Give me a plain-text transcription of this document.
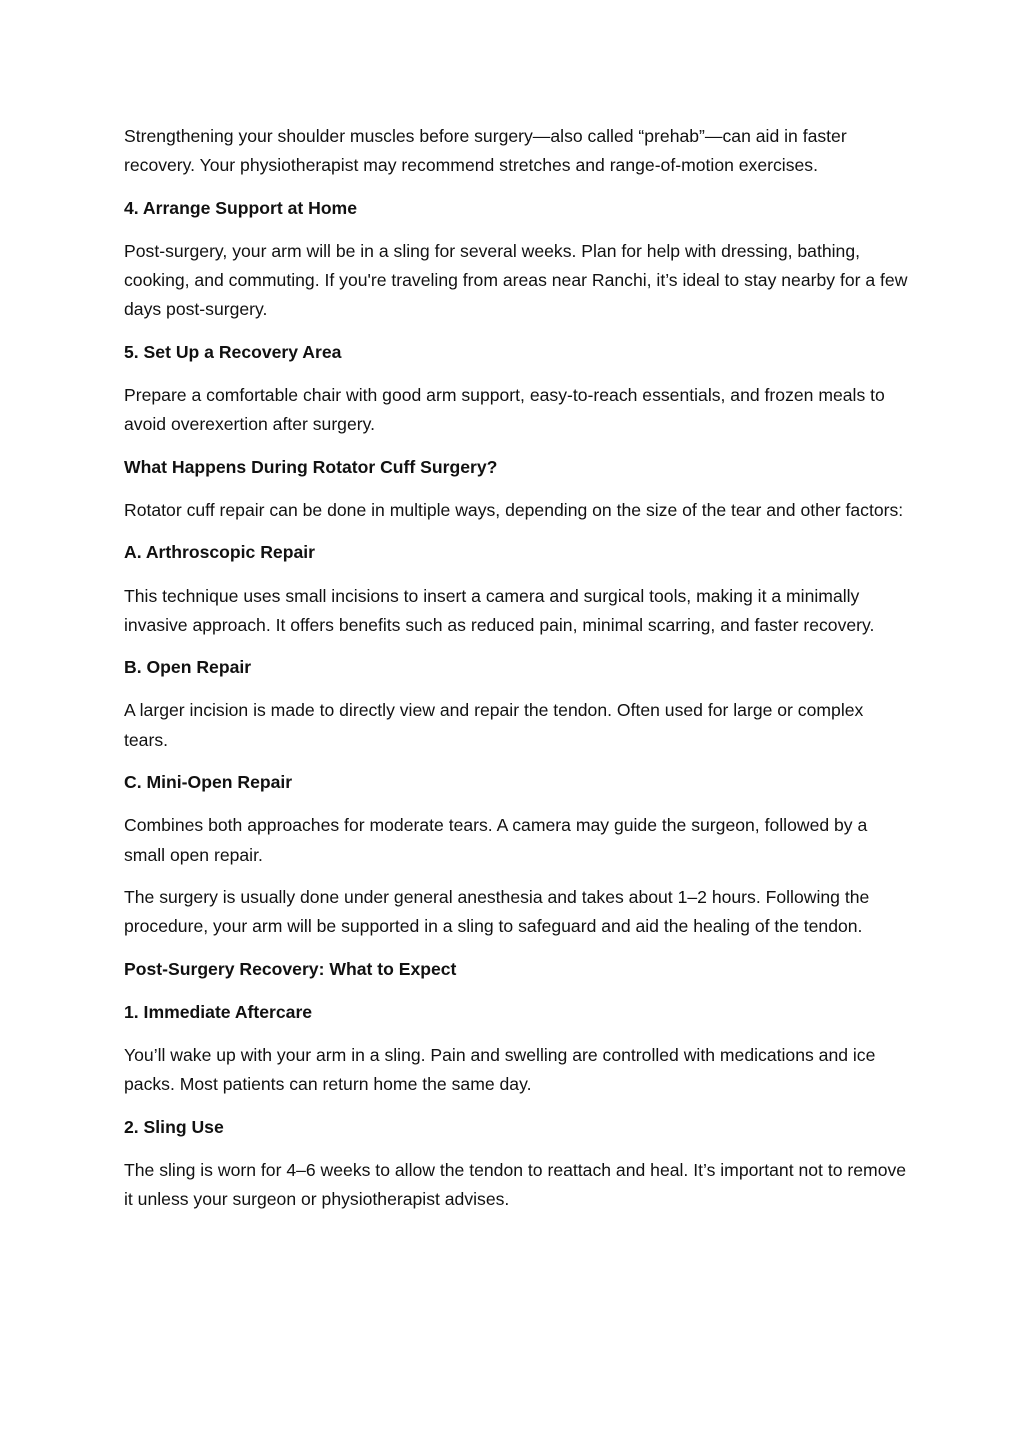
Strengthening your shoulder muscles before surgery—also called “prehab”—can aid in faster recovery. Your physiotherapist may recommend stretches and range-of-motion exercises.

4. Arrange Support at Home

Post-surgery, your arm will be in a sling for several weeks. Plan for help with dressing, bathing, cooking, and commuting. If you're traveling from areas near Ranchi, it’s ideal to stay nearby for a few days post-surgery.

5. Set Up a Recovery Area

Prepare a comfortable chair with good arm support, easy-to-reach essentials, and frozen meals to avoid overexertion after surgery.

What Happens During Rotator Cuff Surgery?

Rotator cuff repair can be done in multiple ways, depending on the size of the tear and other factors:

A. Arthroscopic Repair

This technique uses small incisions to insert a camera and surgical tools, making it a minimally invasive approach. It offers benefits such as reduced pain, minimal scarring, and faster recovery.

B. Open Repair

A larger incision is made to directly view and repair the tendon. Often used for large or complex tears.

C. Mini-Open Repair

Combines both approaches for moderate tears. A camera may guide the surgeon, followed by a small open repair.

The surgery is usually done under general anesthesia and takes about 1–2 hours. Following the procedure, your arm will be supported in a sling to safeguard and aid the healing of the tendon.

Post-Surgery Recovery: What to Expect

1. Immediate Aftercare

You’ll wake up with your arm in a sling. Pain and swelling are controlled with medications and ice packs. Most patients can return home the same day.

2. Sling Use

The sling is worn for 4–6 weeks to allow the tendon to reattach and heal. It’s important not to remove it unless your surgeon or physiotherapist advises.
